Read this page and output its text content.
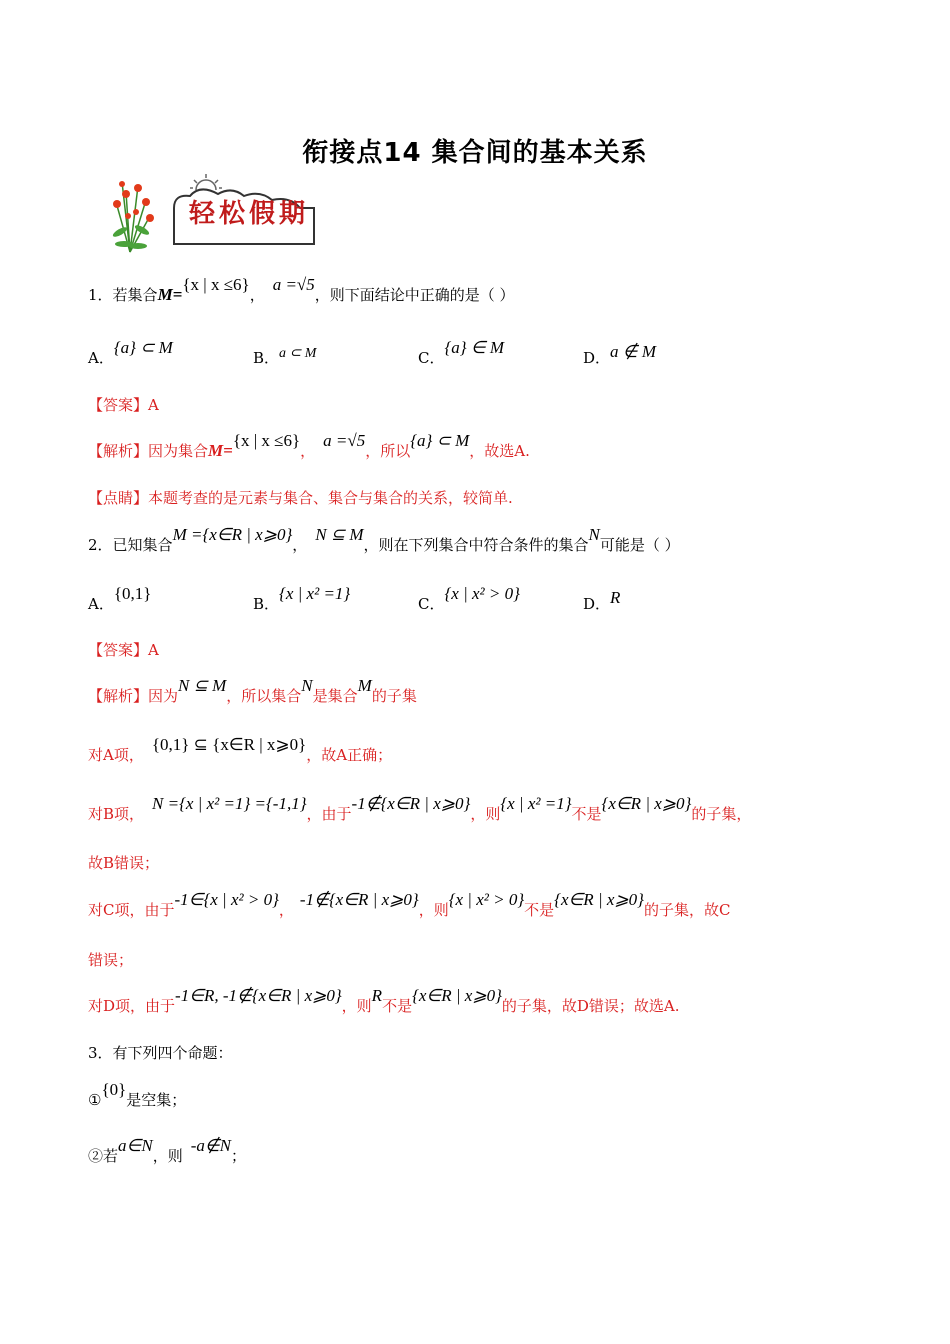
衔接点14 集合间的基本关系
轻松假期
1．若集合M={x | x ≤6}，a =√5，则下面结论中正确的是（ ）
A．{a} ⊂ M
B．a ⊂ M	C．{a} ∈ M
D．a ∉ M
【答案】A
【解析】因为集合M={x | x ≤6}，a =√5，所以{a} ⊂ M，故选A.
【点睛】本题考查的是元素与集合、集合与集合的关系，较简单.
2．已知集合M ={x∈R | x⩾0}，N ⊆ M，则在下列集合中符合条件的集合N可能是（ ）
A．{0,1}
B．{x | x² =1}
C．{x | x² > 0}
D．R
【答案】A
【解析】因为N ⊆ M，所以集合N是集合M的子集
对A项，{0,1} ⊆ {x∈R | x⩾0}，故A正确；
对B项，N ={x | x² =1} ={-1,1}，由于-1∉{x∈R | x⩾0}，则{x | x² =1}不是{x∈R | x⩾0}的子集，
故B错误；
对C项，由于-1∈{x | x² > 0}，-1∉{x∈R | x⩾0}，则{x | x² > 0}不是{x∈R | x⩾0}的子集，故C
错误；
对D项，由于-1∈R, -1∉{x∈R | x⩾0}，则R不是{x∈R | x⩾0}的子集，故D错误；故选A.
3．有下列四个命题：
①{0}是空集；
②若a∈N，则-a∉N；
